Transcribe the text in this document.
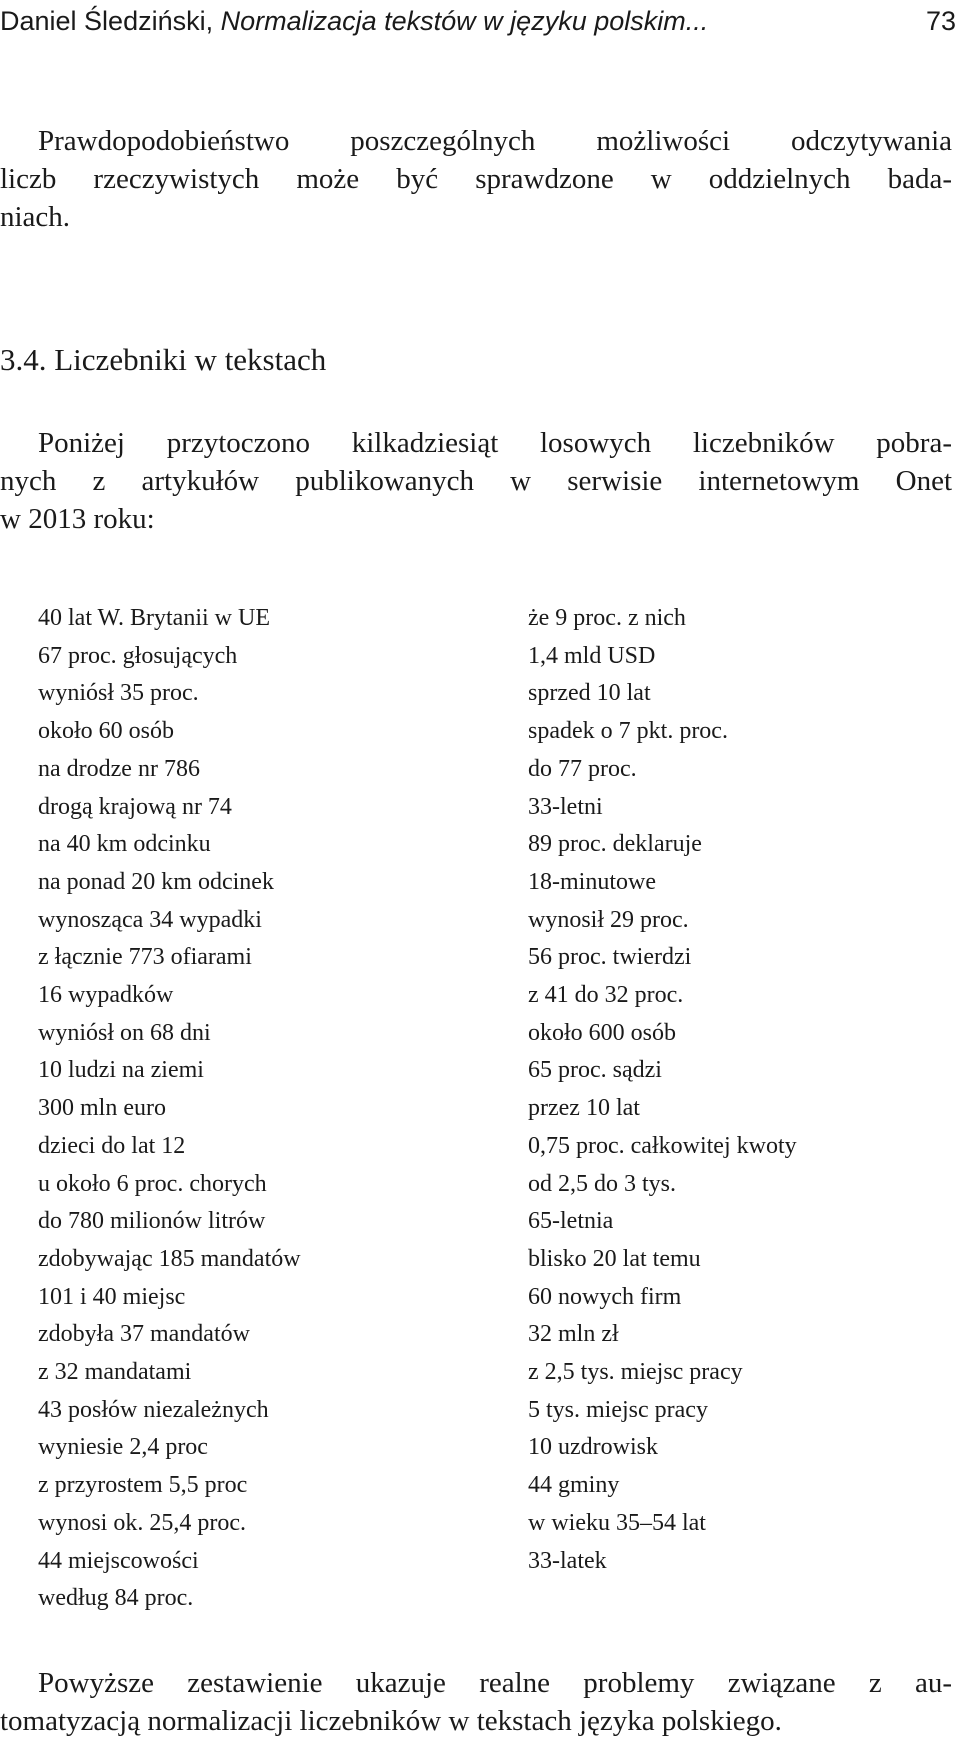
Daniel Śledziński, Normalizacja tekstów w języku polskim...	73

Prawdopodobieństwo poszczególnych możliwości odczytywania
liczb rzeczywistych może być sprawdzone w oddzielnych bada-
niach.

3.4. Liczebniki w tekstach

Poniżej przytoczono kilkadziesiąt losowych liczebników pobra-
nych z artykułów publikowanych w serwisie internetowym Onet
w 2013 roku:

40 lat W. Brytanii w UE
67 proc. głosujących
wyniósł 35 proc.
około 60 osób
na drodze nr 786
drogą krajową nr 74
na 40 km odcinku
na ponad 20 km odcinek
wynosząca 34 wypadki
z łącznie 773 ofiarami
16 wypadków
wyniósł on 68 dni
10 ludzi na ziemi
300 mln euro
dzieci do lat 12
u około 6 proc. chorych
do 780 milionów litrów
zdobywając 185 mandatów
101 i 40 miejsc
zdobyła 37 mandatów
z 32 mandatami
43 posłów niezależnych
wyniesie 2,4 proc
z przyrostem 5,5 proc
wynosi ok. 25,4 proc.
44 miejscowości
według 84 proc.
że 9 proc. z nich
1,4 mld USD
sprzed 10 lat
spadek o 7 pkt. proc.
do 77 proc.
33-letni
89 proc. deklaruje
18-minutowe
wynosił 29 proc.
56 proc. twierdzi
z 41 do 32 proc.
około 600 osób
65 proc. sądzi
przez 10 lat
0,75 proc. całkowitej kwoty
od 2,5 do 3 tys.
65-letnia
blisko 20 lat temu
60 nowych firm
32 mln zł
z 2,5 tys. miejsc pracy
5 tys. miejsc pracy
10 uzdrowisk
44 gminy
w wieku 35–54 lat
33-latek

Powyższe zestawienie ukazuje realne problemy związane z au-
tomatyzacją normalizacji liczebników w tekstach języka polskiego.
